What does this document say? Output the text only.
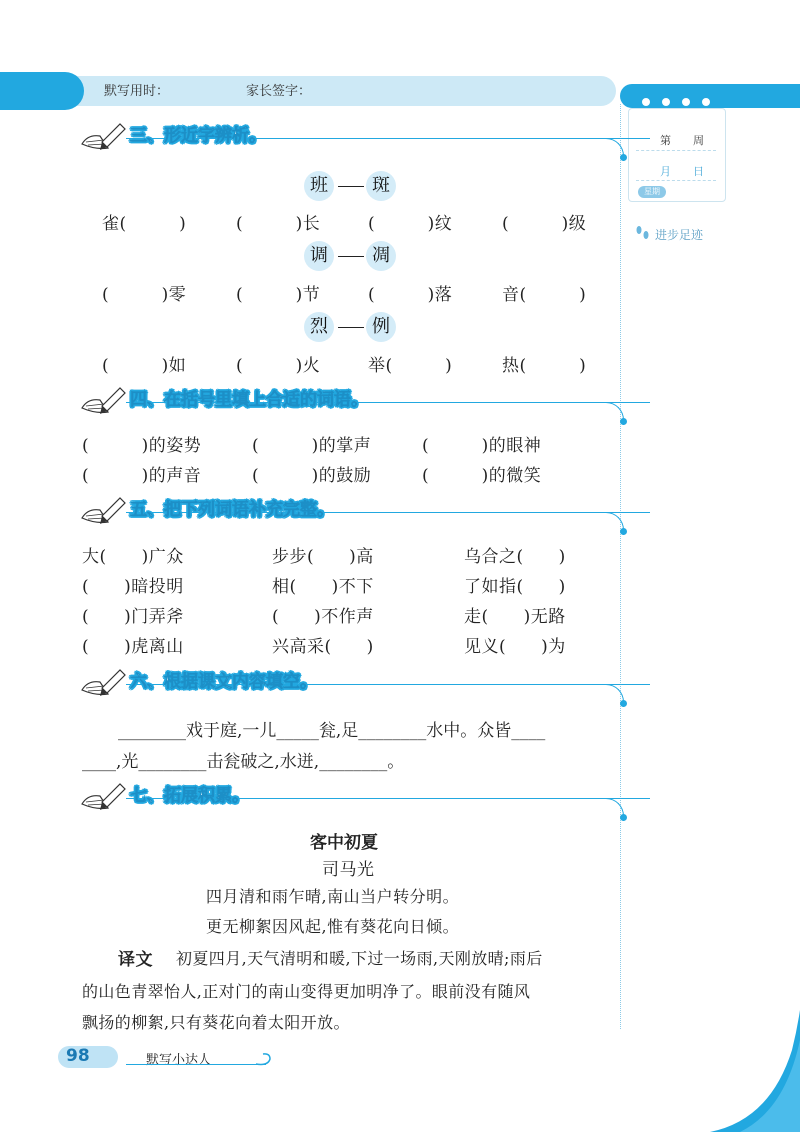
默写用时：	家长签字：
第　　周
月　　日
星期
进步足迹
三、形近字辨析。
班	斑
雀(　　　)	(　　　)长	(　　　)纹	(　　　)级
调	凋
(　　　)零	(　　　)节	(　　　)落	音(　　　)
烈	例
(　　　)如	(　　　)火	举(　　　)	热(　　　)
四、在括号里填上合适的词语。
(　　　)的姿势	(　　　)的掌声	(　　　)的眼神
(　　　)的声音	(　　　)的鼓励	(　　　)的微笑
五、把下列词语补充完整。
大(　　)广众	步步(　　)高	乌合之(　　)
(　　)暗投明	相(　　)不下	了如指(　　)
(　　)门弄斧	(　　)不作声	走(　　)无路
(　　)虎离山	兴高采(　　)	见义(　　)为
六、根据课文内容填空。
________戏于庭,一儿_____瓮,足________水中。众皆____
____,光________击瓮破之,水迸,________。
七、拓展积累。
客中初夏
司马光
四月清和雨乍晴,南山当户转分明。
更无柳絮因风起,惟有葵花向日倾。
译文 初夏四月,天气清明和暖,下过一场雨,天刚放晴;雨后
的山色青翠怡人,正对门的南山变得更加明净了。眼前没有随风
飘扬的柳絮,只有葵花向着太阳开放。
98	默写小达人
